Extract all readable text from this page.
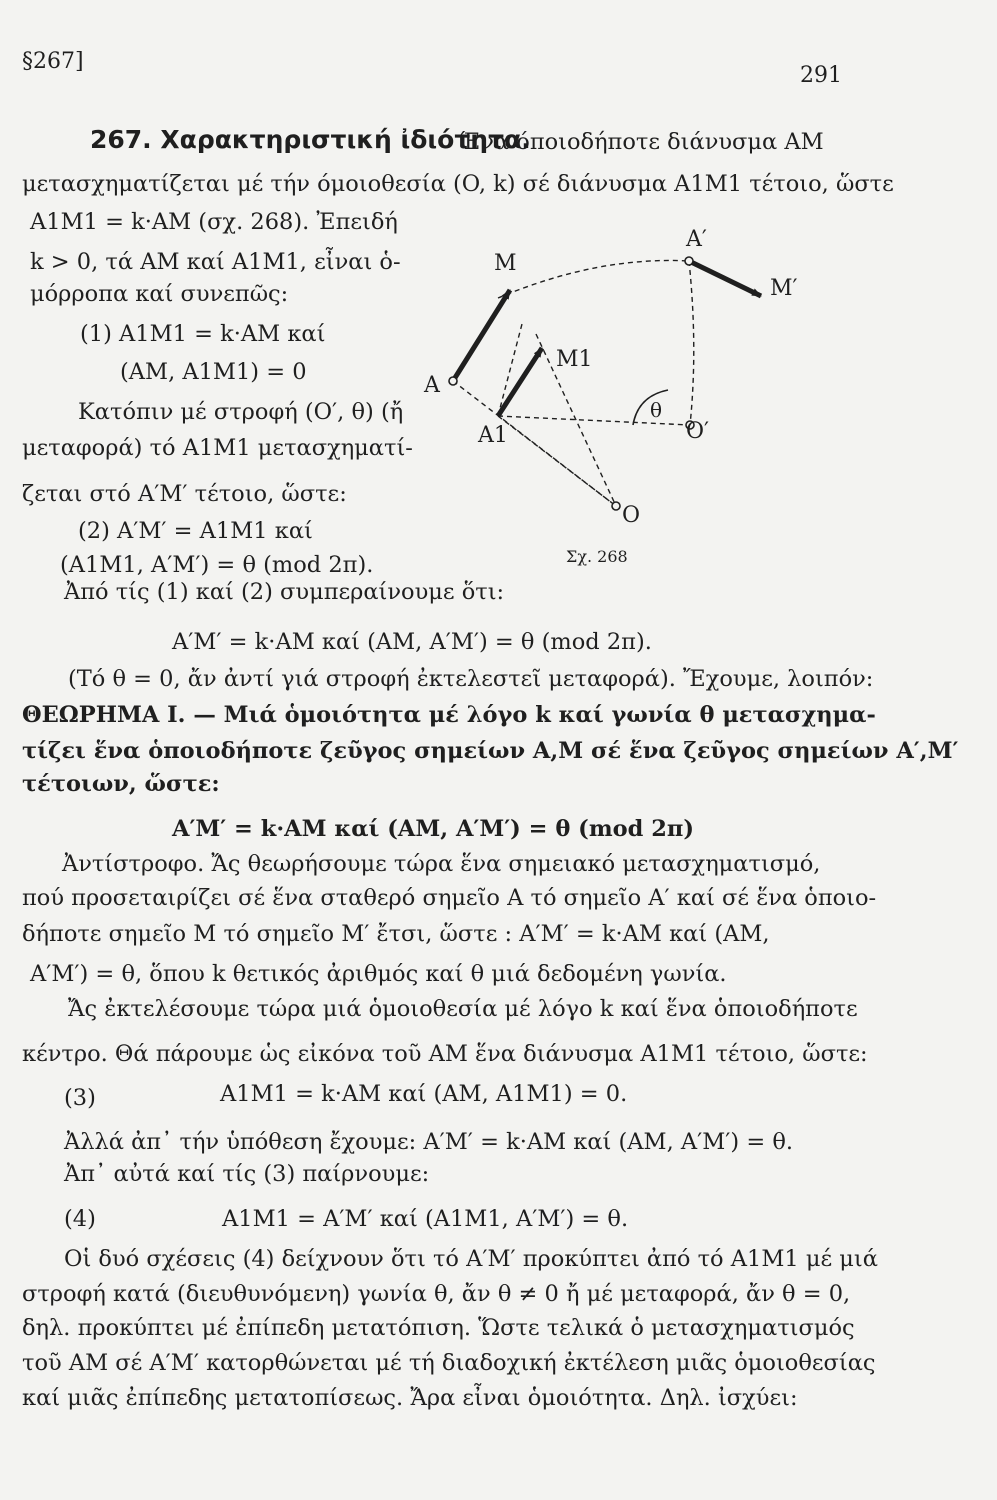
§267]
291
267. Χαρακτηριστική ἰδιότητα.
Ένα όποιοδήποτε διάνυσμα AM
μετασχηματίζεται μέ τήν όμοιοθεσία (O, k) σέ διάνυσμα A1M1 τέτοιο, ὥστε
A1M1 = k·AM (σχ. 268). Ἐπειδή
k > 0, τά AM καί A1M1, εἶναι ὁ-
μόρροπα καί συνεπῶς:
(1) A1M1 = k·AM καί
(AM, A1M1) = 0
Κατόπιν μέ στροφή (O′, θ) (ἤ
μεταφορά) τό A1M1 μετασχηματί-
ζεται στό A′M′ τέτοιο, ὥστε:
(2) A′M′ = A1M1 καί
(A1M1, A′M′) = θ (mod 2π).
M
A′
M′
M1
A
θ
A1	O′
O
Σχ. 268
Ἀπό τίς (1) καί (2) συμπεραίνουμε ὅτι:
A′M′ = k·AM καί (AM, A′M′) = θ (mod 2π).
(Τό θ = 0, ἄν ἀντί γιά στροφή ἐκτελεστεῖ μεταφορά). Ἔχουμε, λοιπόν:
ΘΕΩΡΗΜΑ I. — Μιά ὁμοιότητα μέ λόγο k καί γωνία θ μετασχημα-
τίζει ἕνα ὁποιοδήποτε ζεῦγος σημείων A,M σέ ἕνα ζεῦγος σημείων A′,M′
τέτοιων, ὥστε:
A′M′ = k·AM καί (AM, A′M′) = θ (mod 2π)
Ἀντίστροφο. Ἄς θεωρήσουμε τώρα ἕνα σημειακό μετασχηματισμό,
πού προσεταιρίζει σέ ἕνα σταθερό σημεῖο A τό σημεῖο A′ καί σέ ἕνα ὁποιο-
δήποτε σημεῖο M τό σημεῖο M′ ἔτσι, ὥστε : A′M′ = k·AM καί (AM,
A′M′) = θ, ὅπου k θετικός ἀριθμός καί θ μιά δεδομένη γωνία.
Ἄς ἐκτελέσουμε τώρα μιά ὁμοιοθεσία μέ λόγο k καί ἕνα ὁποιοδήποτε
κέντρο. Θά πάρουμε ὡς εἰκόνα τοῦ AM ἕνα διάνυσμα A1M1 τέτοιο, ὥστε:
(3)	A1M1 = k·AM καί (AM, A1M1) = 0.
Ἀλλά ἀπ᾽ τήν ὑπόθεση ἔχουμε: A′M′ = k·AM καί (AM, A′M′) = θ.
Ἀπ᾽ αὐτά καί τίς (3) παίρνουμε:
(4)	A1M1 = A′M′ καί (A1M1, A′M′) = θ.
Οἱ δυό σχέσεις (4) δείχνουν ὅτι τό A′M′ προκύπτει ἀπό τό A1M1 μέ μιά
στροφή κατά (διευθυνόμενη) γωνία θ, ἄν θ ≠ 0 ἤ μέ μεταφορά, ἄν θ = 0,
δηλ. προκύπτει μέ ἐπίπεδη μετατόπιση. Ὥστε τελικά ὁ μετασχηματισμός
τοῦ AM σέ A′M′ κατορθώνεται μέ τή διαδοχική ἐκτέλεση μιᾶς ὁμοιοθεσίας
καί μιᾶς ἐπίπεδης μετατοπίσεως. Ἄρα εἶναι ὁμοιότητα. Δηλ. ἰσχύει:
